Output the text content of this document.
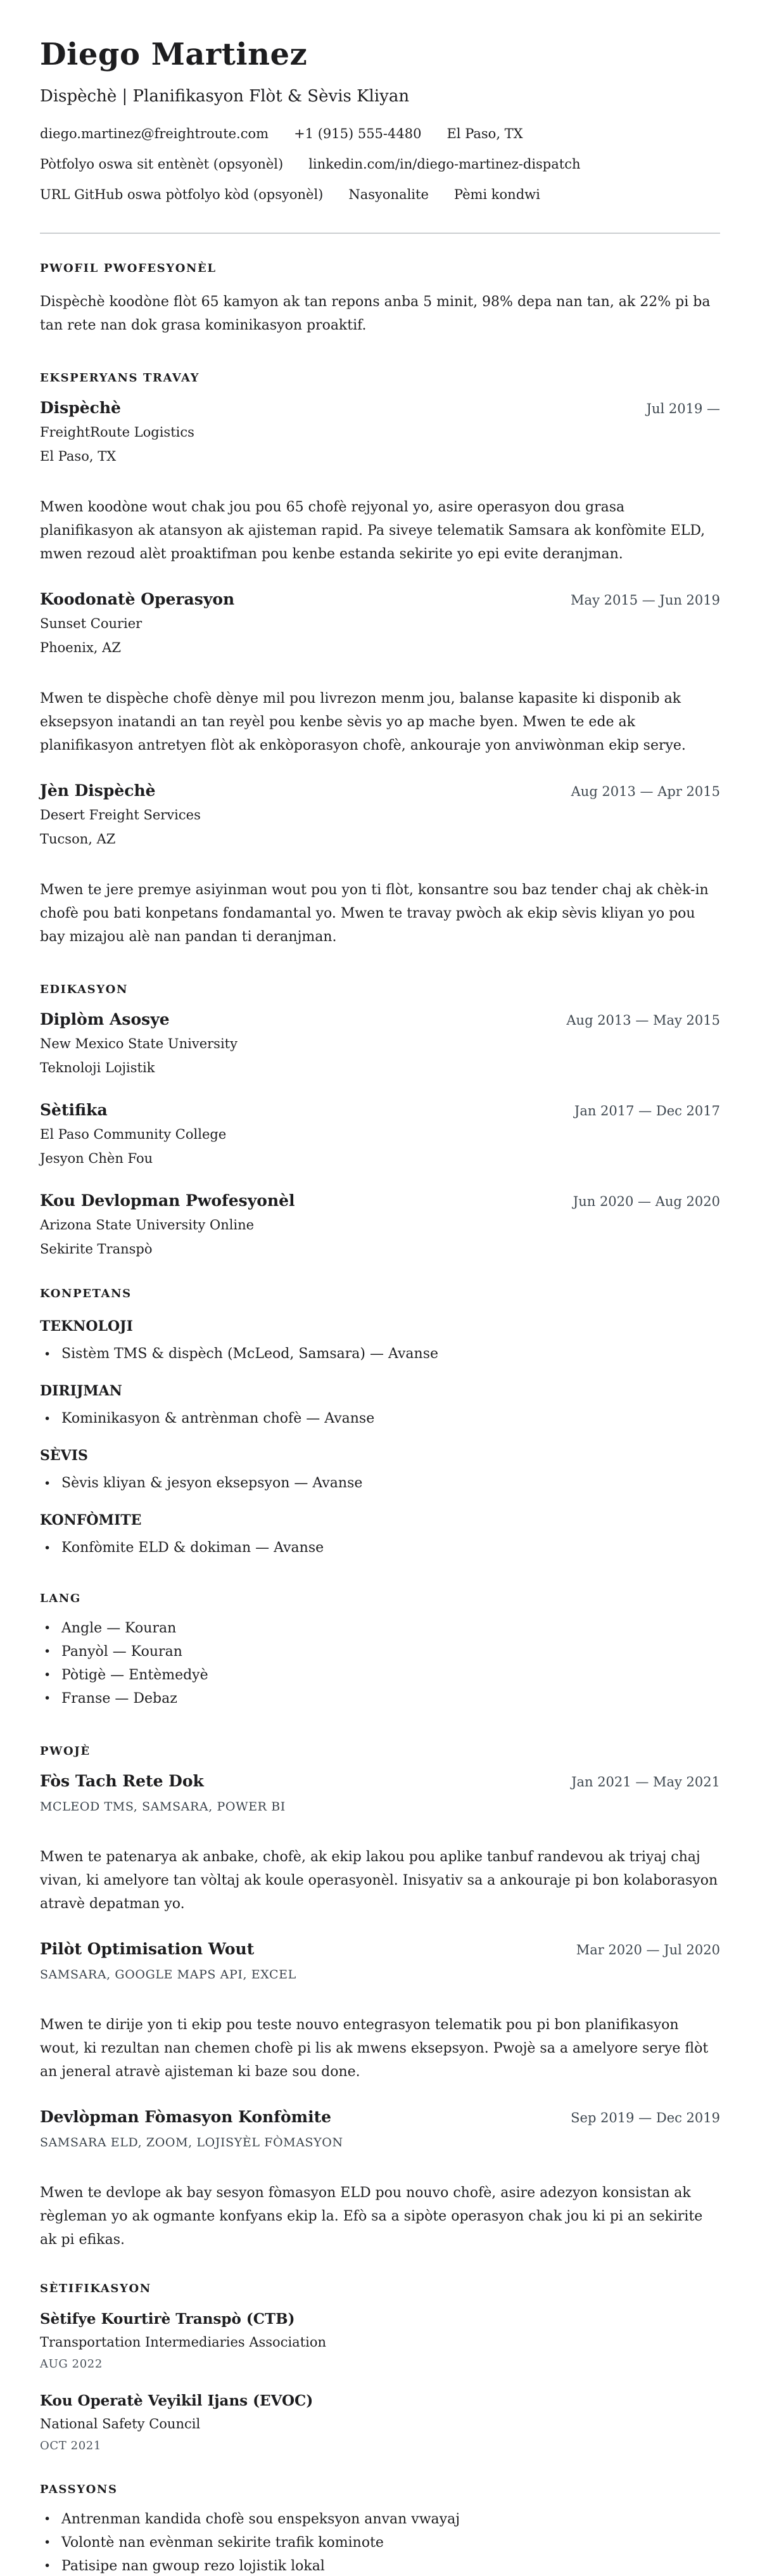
Diego Martinez
Dispèchè | Planifikasyon Flòt & Sèvis Kliyan
diego.martinez@freightroute.com +1 (915) 555-4480 El Paso, TX
Pòtfolyo oswa sit entènèt (opsyonèl) linkedin.com/in/diego-martinez-dispatch
URL GitHub oswa pòtfolyo kòd (opsyonèl) Nasyonalite Pèmi kondwi
PWOFIL PWOFESYONÈL

Dispèchè koodòne flòt 65 kamyon ak tan repons anba 5 minit, 98% depa nan tan, ak 22% pi ba tan rete nan dok grasa kominikasyon proaktif.

EKSPERYANS TRAVAY
Dispèchè	Jul 2019 —
FreightRoute Logistics
El Paso, TX

Mwen koodòne wout chak jou pou 65 chofè rejyonal yo, asire operasyon dou grasa planifikasyon ak atansyon ak ajisteman rapid. Pa siveye telematik Samsara ak konfòmite ELD, mwen rezoud alèt proaktifman pou kenbe estanda sekirite yo epi evite deranjman.

Koodonatè Operasyon	May 2015 — Jun 2019
Sunset Courier
Phoenix, AZ

Mwen te dispèche chofè dènye mil pou livrezon menm jou, balanse kapasite ki disponib ak eksepsyon inatandi an tan reyèl pou kenbe sèvis yo ap mache byen. Mwen te ede ak planifikasyon antretyen flòt ak enkòporasyon chofè, ankouraje yon anviwònman ekip serye.

Jèn Dispèchè	Aug 2013 — Apr 2015
Desert Freight Services
Tucson, AZ

Mwen te jere premye asiyinman wout pou yon ti flòt, konsantre sou baz tender chaj ak chèk-in chofè pou bati konpetans fondamantal yo. Mwen te travay pwòch ak ekip sèvis kliyan yo pou bay mizajou alè nan pandan ti deranjman.

EDIKASYON
Diplòm Asosye	Aug 2013 — May 2015
New Mexico State University
Teknoloji Lojistik
Sètifika	Jan 2017 — Dec 2017
El Paso Community College
Jesyon Chèn Fou
Kou Devlopman Pwofesyonèl	Jun 2020 — Aug 2020
Arizona State University Online
Sekirite Transpò
KONPETANS
TEKNOLOJI
• Sistèm TMS & dispèch (McLeod, Samsara) — Avanse
DIRIJMAN
• Kominikasyon & antrènman chofè — Avanse
SÈVIS
• Sèvis kliyan & jesyon eksepsyon — Avanse
KONFÒMITE
• Konfòmite ELD & dokiman — Avanse
LANG
• Angle — Kouran
• Panyòl — Kouran
• Pòtigè — Entèmedyè
• Franse — Debaz
PWOJÈ
Fòs Tach Rete Dok	Jan 2021 — May 2021
MCLEOD TMS, SAMSARA, POWER BI

Mwen te patenarya ak anbake, chofè, ak ekip lakou pou aplike tanbuf randevou ak triyaj chaj vivan, ki amelyore tan vòltaj ak koule operasyonèl. Inisyativ sa a ankouraje pi bon kolaborasyon atravè depatman yo.

Pilòt Optimisation Wout	Mar 2020 — Jul 2020
SAMSARA, GOOGLE MAPS API, EXCEL

Mwen te dirije yon ti ekip pou teste nouvo entegrasyon telematik pou pi bon planifikasyon wout, ki rezultan nan chemen chofè pi lis ak mwens eksepsyon. Pwojè sa a amelyore serye flòt an jeneral atravè ajisteman ki baze sou done.

Devlòpman Fòmasyon Konfòmite	Sep 2019 — Dec 2019
SAMSARA ELD, ZOOM, LOJISYÈL FÒMASYON

Mwen te devlope ak bay sesyon fòmasyon ELD pou nouvo chofè, asire adezyon konsistan ak règleman yo ak ogmante konfyans ekip la. Efò sa a sipòte operasyon chak jou ki pi an sekirite ak pi efikas.

SÈTIFIKASYON
Sètifye Kourtirè Transpò (CTB)
Transportation Intermediaries Association
AUG 2022
Kou Operatè Veyikil Ijans (EVOC)
National Safety Council
OCT 2021
PASSYONS
• Antrenman kandida chofè sou enspeksyon anvan vwayaj
• Volontè nan evènman sekirite trafik kominote
• Patisipe nan gwoup rezo lojistik lokal
